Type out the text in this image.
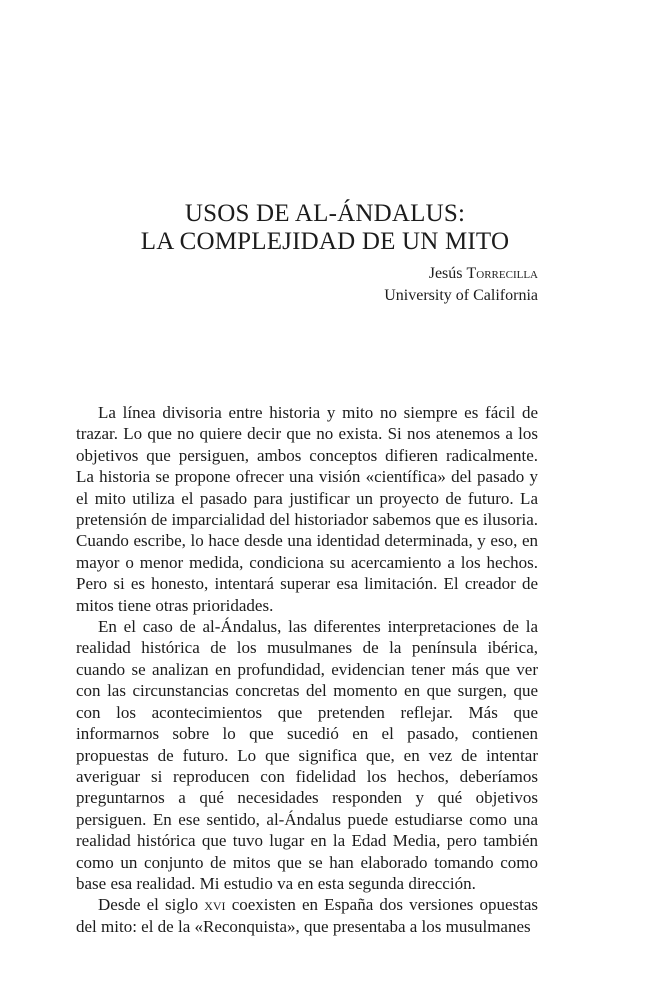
USOS DE AL-ÁNDALUS:
LA COMPLEJIDAD DE UN MITO
Jesús Torrecilla
University of California

La línea divisoria entre historia y mito no siempre es fácil de trazar. Lo que no quiere decir que no exista. Si nos atenemos a los objetivos que persiguen, ambos conceptos difieren radicalmente. La historia se propone ofrecer una visión «científica» del pasado y el mito utiliza el pasado para justificar un proyecto de futuro. La pretensión de imparcialidad del historiador sabemos que es ilusoria. Cuando escribe, lo hace desde una identidad determinada, y eso, en mayor o menor medida, condiciona su acercamiento a los hechos. Pero si es honesto, intentará superar esa limitación. El creador de mitos tiene otras prioridades.

En el caso de al-Ándalus, las diferentes interpretaciones de la realidad histórica de los musulmanes de la península ibérica, cuando se analizan en profundidad, evidencian tener más que ver con las circunstancias concretas del momento en que surgen, que con los acontecimientos que pretenden reflejar. Más que informarnos sobre lo que sucedió en el pasado, contienen propuestas de futuro. Lo que significa que, en vez de intentar averiguar si reproducen con fidelidad los hechos, deberíamos preguntarnos a qué necesidades responden y qué objetivos persiguen. En ese sentido, al-Ándalus puede estudiarse como una realidad histórica que tuvo lugar en la Edad Media, pero también como un conjunto de mitos que se han elaborado tomando como base esa realidad. Mi estudio va en esta segunda dirección.

Desde el siglo xvi coexisten en España dos versiones opuestas del mito: el de la «Reconquista», que presentaba a los musulmanes
